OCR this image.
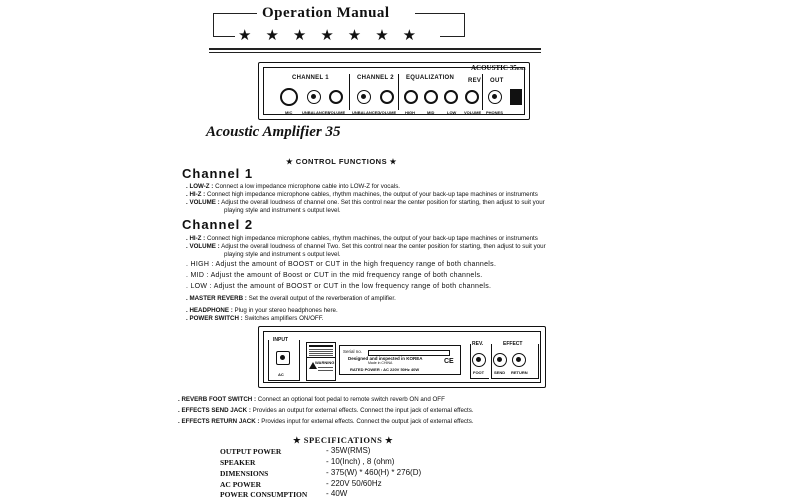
Operation Manual
★★★★★★★
CHANNEL 1	CHANNEL 2 EQUALIZATION REV OUT
ACOUSTIC 35RMS
MIC UNBALANCED
VOLUME UNBALANCED
VOLUME HIGH	MID	LOW VOLUME PHONES
Acoustic Amplifier 35
★ CONTROL FUNCTIONS ★
Channel 1
. LOW-Z : Connect a low impedance microphone cable into LOW-Z for vocals.
. HI-Z : Connect high impedance microphone cables, rhythm machines, the output of your back-up tape machines or instruments
. VOLUME : Adjust the overall loudness of channel one. Set this control near the center position for starting, then adjust to suit your
playing style and instrument s output level.
Channel 2
. HI-Z : Connect high impedance microphone cables, rhythm machines, the output of your back-up tape machines or instruments
. VOLUME : Adjust the overall loudness of channel Two. Set this control near the center position for starting, then adjust to suit your
playing style and instrument s output level.
. HIGH : Adjust the amount of BOOST or CUT in the high frequency range of both channels.
. MID : Adjust the amount of Boost or CUT in the mid frequency range of both channels.
. LOW : Adjust the amount of BOOST or CUT in the low frequency range of both channels.
. MASTER REVERB : Set the overall output of the reverberation of amplifier.
. HEADPHONE : Plug in your stereo headphones here.
. POWER SWITCH : Switches amplifiers ON/OFF.
INPUT
AC
WARNING
Serial no.
Designed and inspected in KOREA
Made in CHINA
RATED POWER : AC 220V 50Hz 40W
CE
REV.	EFFECT
FOOT SEND RETURN
. REVERB FOOT SWITCH : Connect an optional foot pedal to remote switch reverb ON and OFF
. EFFECTS SEND JACK : Provides an output for external effects. Connect the input jack of external effects.
. EFFECTS RETURN JACK : Provides input for external effects. Connect the output jack of external effects.
★ SPECIFICATIONS ★
OUTPUT POWER	- 35W(RMS)
SPEAKER	- 10(Inch) , 8 (ohm)
DIMENSIONS	- 375(W) * 460(H) * 276(D)
AC POWER	- 220V 50/60Hz
POWER CONSUMPTION - 40W
